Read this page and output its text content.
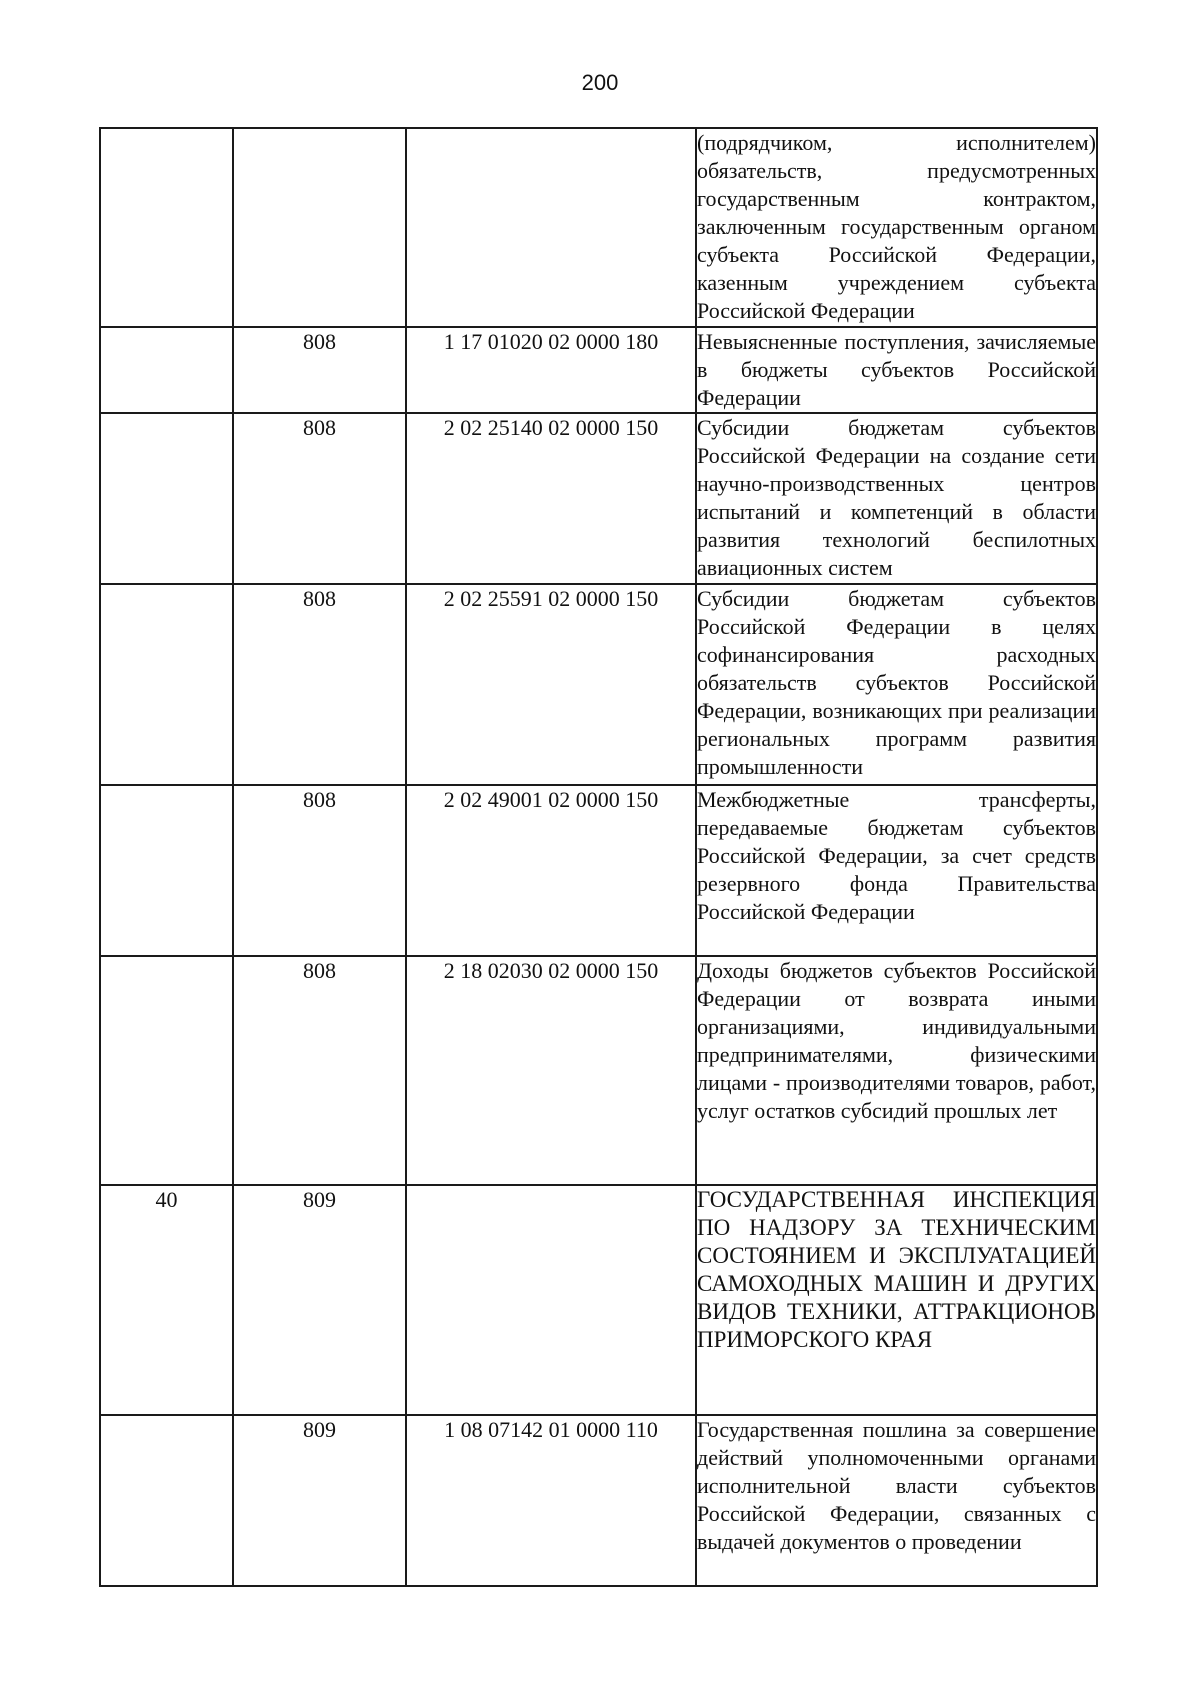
200

			(подрядчиком, исполнителем) обязательств, предусмотренных государственным контрактом, заключенным государственным органом субъекта Российской Федерации, казенным учреждением субъекта Российской Федерации

	808	1 17 01020 02 0000 180	Невыясненные поступления, зачисляемые в бюджеты субъектов Российской Федерации

	808	2 02 25140 02 0000 150	Субсидии бюджетам субъектов Российской Федерации на создание сети научно-производственных центров испытаний и компетенций в области развития технологий беспилотных авиационных систем

	808	2 02 25591 02 0000 150	Субсидии бюджетам субъектов Российской Федерации в целях софинансирования расходных обязательств субъектов Российской Федерации, возникающих при реализации региональных программ развития промышленности

	808	2 02 49001 02 0000 150	Межбюджетные трансферты, передаваемые бюджетам субъектов Российской Федерации, за счет средств резервного фонда Правительства Российской Федерации

	808	2 18 02030 02 0000 150	Доходы бюджетов субъектов Российской Федерации от возврата иными организациями, индивидуальными предпринимателями, физическими лицами - производителями товаров, работ, услуг остатков субсидий прошлых лет

40	809		ГОСУДАРСТВЕННАЯ ИНСПЕКЦИЯ ПО НАДЗОРУ ЗА ТЕХНИЧЕСКИМ СОСТОЯНИЕМ И ЭКСПЛУАТАЦИЕЙ САМОХОДНЫХ МАШИН И ДРУГИХ ВИДОВ ТЕХНИКИ, АТТРАКЦИОНОВ ПРИМОРСКОГО КРАЯ

	809	1 08 07142 01 0000 110	Государственная пошлина за совершение действий уполномоченными органами исполнительной власти субъектов Российской Федерации, связанных с выдачей документов о проведении
